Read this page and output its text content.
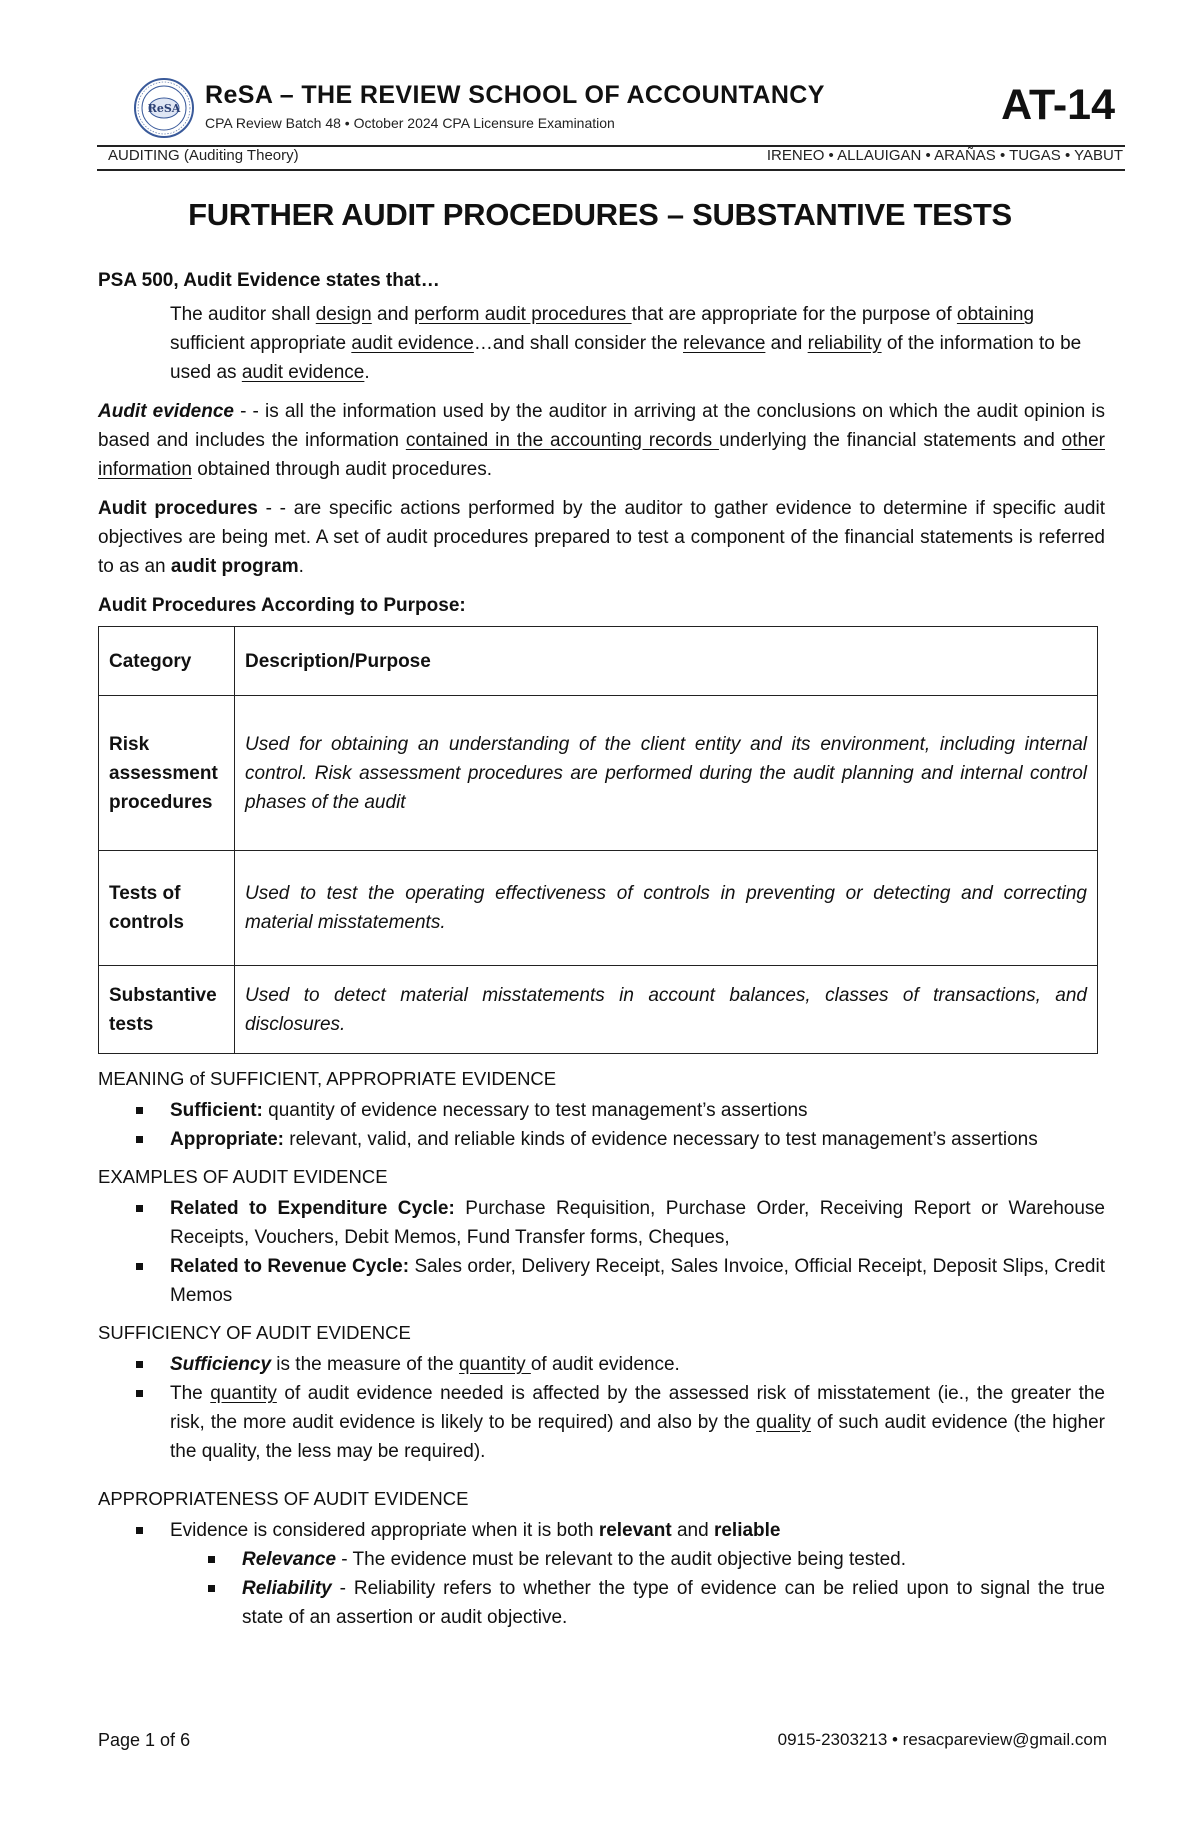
ReSA ReSA – THE REVIEW SCHOOL OF ACCOUNTANCY
CPA Review Batch 48 • October 2024 CPA Licensure Examination	AT-14
AUDITING (Auditing Theory)	IRENEO • ALLAUIGAN • ARAÑAS • TUGAS • YABUT
FURTHER AUDIT PROCEDURES – SUBSTANTIVE TESTS

PSA 500, Audit Evidence states that…

The auditor shall design and perform audit procedures that are appropriate for the purpose of obtaining sufficient appropriate audit evidence…and shall consider the relevance and reliability of the information to be used as audit evidence.

Audit evidence - - is all the information used by the auditor in arriving at the conclusions on which the audit opinion is based and includes the information contained in the accounting records underlying the financial statements and other information obtained through audit procedures.

Audit procedures - - are specific actions performed by the auditor to gather evidence to determine if specific audit objectives are being met. A set of audit procedures prepared to test a component of the financial statements is referred to as an audit program.

Audit Procedures According to Purpose:

Category	Description/Purpose
Risk assessment procedures	Used for obtaining an understanding of the client entity and its environment, including internal control. Risk assessment procedures are performed during the audit planning and internal control phases of the audit
Tests of controls	Used to test the operating effectiveness of controls in preventing or detecting and correcting material misstatements.
Substantive tests	Used to detect material misstatements in account balances, classes of transactions, and disclosures.

MEANING of SUFFICIENT, APPROPRIATE EVIDENCE

Sufficient: quantity of evidence necessary to test management’s assertions
Appropriate: relevant, valid, and reliable kinds of evidence necessary to test management’s assertions

EXAMPLES OF AUDIT EVIDENCE

Related to Expenditure Cycle: Purchase Requisition, Purchase Order, Receiving Report or Warehouse Receipts, Vouchers, Debit Memos, Fund Transfer forms, Cheques,
Related to Revenue Cycle: Sales order, Delivery Receipt, Sales Invoice, Official Receipt, Deposit Slips, Credit Memos

SUFFICIENCY OF AUDIT EVIDENCE

Sufficiency is the measure of the quantity of audit evidence.
The quantity of audit evidence needed is affected by the assessed risk of misstatement (ie., the greater the risk, the more audit evidence is likely to be required) and also by the quality of such audit evidence (the higher the quality, the less may be required).

APPROPRIATENESS OF AUDIT EVIDENCE

Evidence is considered appropriate when it is both relevant and reliable
Relevance - The evidence must be relevant to the audit objective being tested.
Reliability - Reliability refers to whether the type of evidence can be relied upon to signal the true state of an assertion or audit objective.
Page 1 of 6	0915-2303213 • resacpareview@gmail.com
